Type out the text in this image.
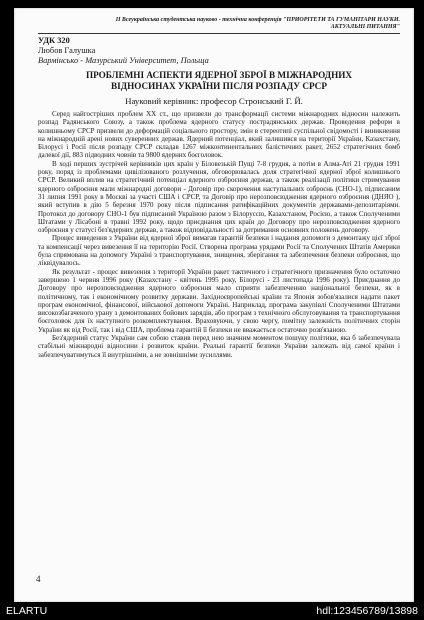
II Всеукраїнська студентська науково - технічна конференція "ПРИОРІТЕТИ ТА ГУМАНІТАРИ НАУКИ.
АКТУАЛЬНІ ПИТАННЯ"
УДК 320
Любов Галушка
Вармінсько - Мазурський Університет, Польща
ПРОБЛЕМНІ АСПЕКТИ ЯДЕРНОЇ ЗБРОЇ В МІЖНАРОДНИХ
ВІДНОСИНАХ УКРАЇНИ ПІСЛЯ РОЗПАДУ СРСР
Науковий керівник: професор Стронський Г. Й.

Серед найгостріших проблем XX ст., що призвели до трансформації системи міжнародних відносин належить розпад Радянського Союзу, а також проблема ядерного статусу пострадянських держав. Проведення реформ в колишньому СРСР призвели до деформацій соціального простору, змін в стереотипі суспільної свідомості і виникнення на міжнародній арені нових суверенних держав. Ядерний потенціал, який залишився на території України, Казахстану, Білорусі і Росії після розпаду СРСР складав 1267 міжконтинентальних балістичних ракет, 2652 стратегічних бомб далекої дії, 883 підводних човнів та 9800 ядерних боєголовок.

В ході перших зустрічей керівників цих країн у Біловезькій Пущі 7-8 грудня, а потім в Алма-Аті 21 грудня 1991 року, поряд із проблемами цивілізованого розлучення, обговорювалась доля стратегічної ядерної зброї колишнього СРСР. Великий вплив на стратегічний потенціал ядерного озброєння держав, а також реалізації політики стримування ядерного озброєння мали міжнародні договори - Договір про скорочення наступальних озброєнь (СНО-1), підписаним 31 липня 1991 року в Москві за участі США і СРСР, та Договір про нерозповсюдження ядерного озброєння (ДНЯО ), який вступив в дію 5 березня 1970 року після підписання ратифікаційних документів державами-депозитаріями. Протокол до договору СНО-1 був підписаний Україною разом з Білоруссю, Казахстаном, Росією, а також Сполученими Штатами у Лісабоні в травні 1992 року, щодо приєднання цих країн до Договору про нерозповсюдження ядерного озброєння у статусі без'ядерних держав, а також відповідальності за дотримання основних положень договору.

Процес виведення з України від ядерної зброї вимагав гарантій безпеки і надання допомоги з демонтажу цієї зброї та компенсації через вивезення її на територію Росії. Створена програма урядами Росії та Сполучених Штатів Америки була спрямована на допомогу Україні з транспортування, знищення, зберігання та забезпечення безпеки озброєння, що ліквідувалось.

Як результат - процес вивезення з території України ракет тактичного і стратегічного призначення було остаточно завершено 1 червня 1996 року (Казахстану - квітень 1995 року, Білорусі - 23 листопада 1996 року). Приєднання до Договору про нерозповсюдження ядерного озброєння мало сприяти забезпеченню національної безпеки, як в політичному, так і економічному розвитку держави. Західноєвропейські країни та Японія зобов'язалися надати пакет програм економічної, фінансової, військової допомоги Україні. Наприклад, програма закупівлі Сполученими Штатами високозбагаченого урану з демонтованих бойових зарядів, або програм з технічного обслуговування та транспортування боєголовок для їх наступного розкомплектування. Враховуючи, у свою чергу, помітну залежність політичних сторін України як від Росії, так і від США, проблема гарантій її безпеки не вважається остаточно розв'язаною.

Без'ядерний статус України сам собою ставив перед нею значним моментом пошуку політики, яка б забезпечувала стабільні міжнародні відносини і розвиток країни. Реальні гарантії безпеки України залежать від самої країни і забезпечуватимуться її внутрішніми, а не зовнішніми зусиллями.

4
ELARTU	hdl:123456789/13898
